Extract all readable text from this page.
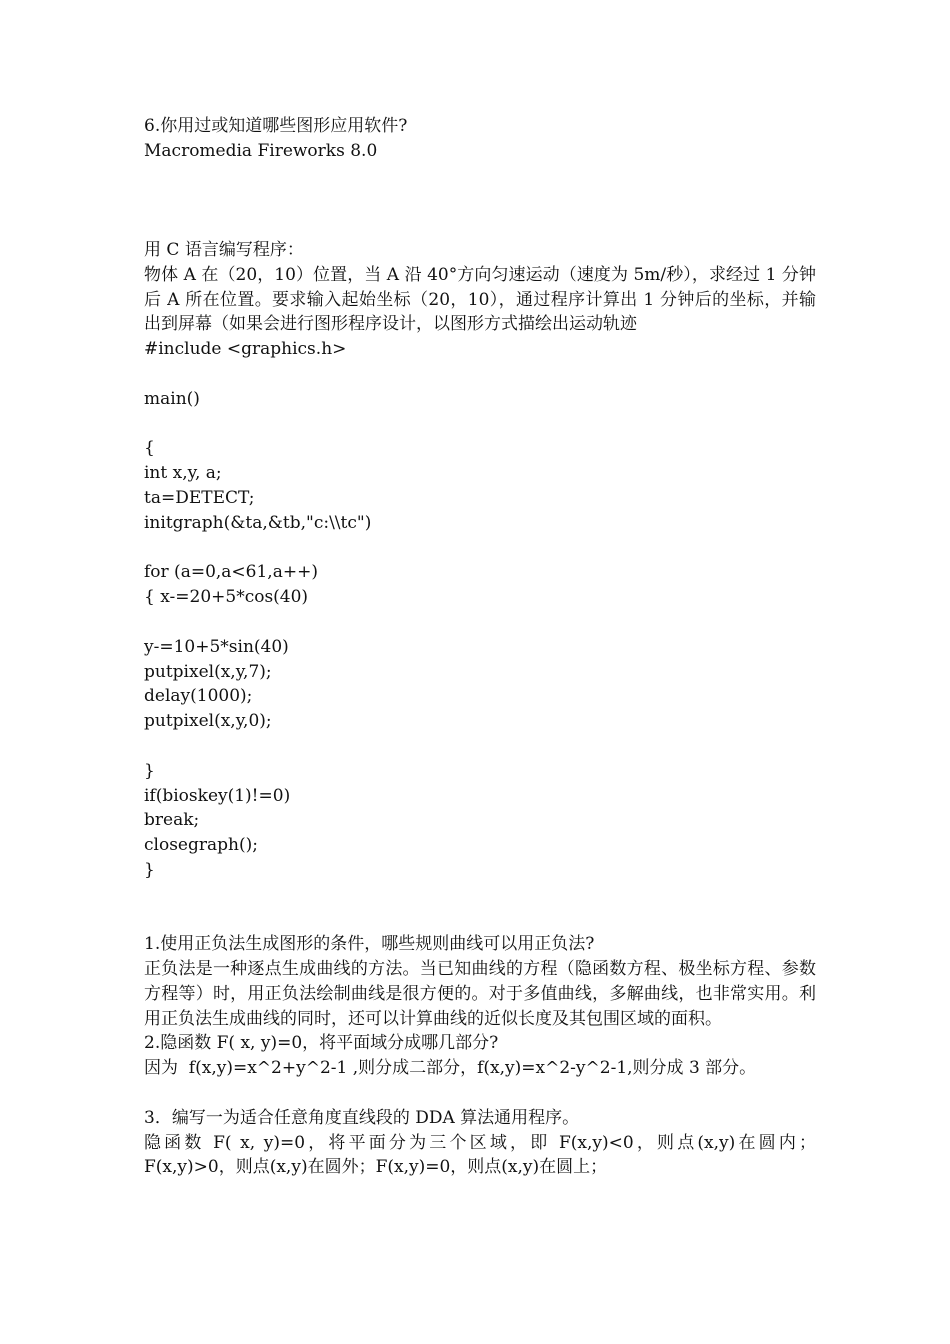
6.你用过或知道哪些图形应用软件?
Macromedia Fireworks 8.0
用 C 语言编写程序：
物体 A 在（20，10）位置，当 A 沿 40°方向匀速运动（速度为 5m/秒），求经过 1 分钟后 A 所在位置。要求输入起始坐标（20，10），通过程序计算出 1 分钟后的坐标，并输出到屏幕（如果会进行图形程序设计，以图形方式描绘出运动轨迹
#include <graphics.h>
main()
{
int x,y, a;
ta=DETECT;
initgraph(&ta,&tb,"c:\\tc")
for (a=0,a<61,a++)
{ x-=20+5*cos(40)
y-=10+5*sin(40)
putpixel(x,y,7);
delay(1000);
putpixel(x,y,0);
}
if(bioskey(1)!=0)
break;
closegraph();
}
1.使用正负法生成图形的条件，哪些规则曲线可以用正负法?
正负法是一种逐点生成曲线的方法。当已知曲线的方程（隐函数方程、极坐标方程、参数方程等）时，用正负法绘制曲线是很方便的。对于多值曲线，多解曲线，也非常实用。利用正负法生成曲线的同时，还可以计算曲线的近似长度及其包围区域的面积。
2.隐函数 F( x, y)=0，将平面域分成哪几部分?
因为  f(x,y)=x^2+y^2-1 ,则分成二部分，f(x,y)=x^2-y^2-1,则分成 3 部分。
3．编写一为适合任意角度直线段的 DDA 算法通用程序。
隐函数 F( x, y)=0，将平面分为三个区域，即 F(x,y)<0，则点(x,y)在圆内；F(x,y)>0，则点(x,y)在圆外；F(x,y)=0，则点(x,y)在圆上；
